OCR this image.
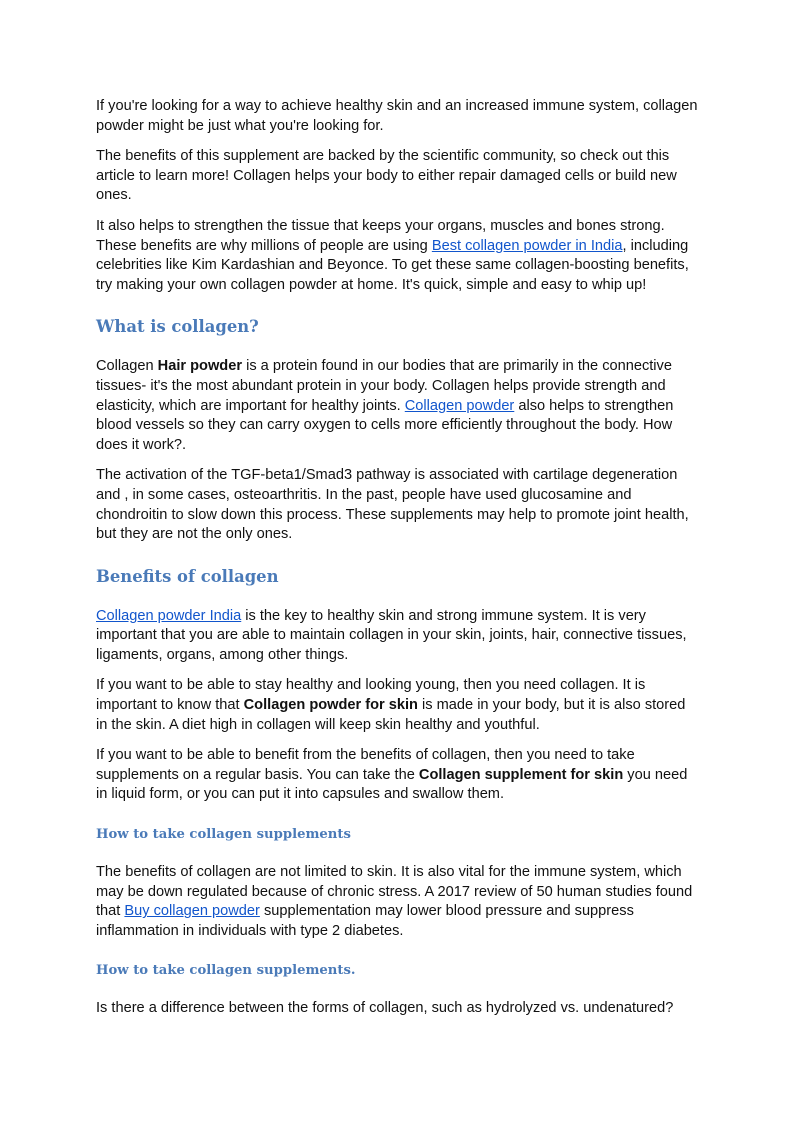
If you're looking for a way to achieve healthy skin and an increased immune system, collagen powder might be just what you're looking for.

The benefits of this supplement are backed by the scientific community, so check out this article to learn more! Collagen helps your body to either repair damaged cells or build new ones.

It also helps to strengthen the tissue that keeps your organs, muscles and bones strong. These benefits are why millions of people are using Best collagen powder in India, including celebrities like Kim Kardashian and Beyonce. To get these same collagen-boosting benefits, try making your own collagen powder at home. It's quick, simple and easy to whip up!

What is collagen?

Collagen Hair powder is a protein found in our bodies that are primarily in the connective tissues- it's the most abundant protein in your body. Collagen helps provide strength and elasticity, which are important for healthy joints. Collagen powder also helps to strengthen blood vessels so they can carry oxygen to cells more efficiently throughout the body. How does it work?.

The activation of the TGF-beta1/Smad3 pathway is associated with cartilage degeneration and , in some cases, osteoarthritis. In the past, people have used glucosamine and chondroitin to slow down this process. These supplements may help to promote joint health, but they are not the only ones.

Benefits of collagen

Collagen powder India is the key to healthy skin and strong immune system. It is very important that you are able to maintain collagen in your skin, joints, hair, connective tissues, ligaments, organs, among other things.

If you want to be able to stay healthy and looking young, then you need collagen. It is important to know that Collagen powder for skin is made in your body, but it is also stored in the skin. A diet high in collagen will keep skin healthy and youthful.

If you want to be able to benefit from the benefits of collagen, then you need to take supplements on a regular basis. You can take the Collagen supplement for skin you need in liquid form, or you can put it into capsules and swallow them.

How to take collagen supplements

The benefits of collagen are not limited to skin. It is also vital for the immune system, which may be down regulated because of chronic stress. A 2017 review of 50 human studies found that Buy collagen powder supplementation may lower blood pressure and suppress inflammation in individuals with type 2 diabetes.

How to take collagen supplements.

Is there a difference between the forms of collagen, such as hydrolyzed vs. undenatured?
